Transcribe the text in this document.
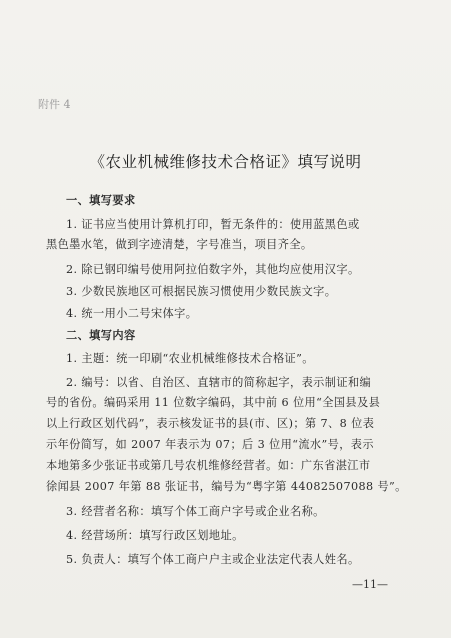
附件 4
《农业机械维修技术合格证》填写说明
一、填写要求
1. 证书应当使用计算机打印，暂无条件的：使用蓝黑色或
黑色墨水笔，做到字迹清楚，字号准当，项目齐全。
2. 除已钢印编号使用阿拉伯数字外，其他均应使用汉字。
3. 少数民族地区可根据民族习惯使用少数民族文字。
4. 统一用小二号宋体字。
二、填写内容
1. 主题：统一印刷“农业机械维修技术合格证”。
2. 编号：以省、自治区、直辖市的简称起字，表示制证和编
号的省份。编码采用 11 位数字编码，其中前 6 位用“全国县及县
以上行政区划代码”，表示核发证书的县(市、区)；第 7、8 位表
示年份简写，如 2007 年表示为 07；后 3 位用“流水”号，表示
本地第多少张证书或第几号农机维修经营者。如：广东省湛江市
徐闻县 2007 年第 88 张证书，编号为“粤字第 44082507088 号”。
3. 经营者名称：填写个体工商户字号或企业名称。
4. 经营场所：填写行政区划地址。
5. 负责人：填写个体工商户户主或企业法定代表人姓名。
—11—
